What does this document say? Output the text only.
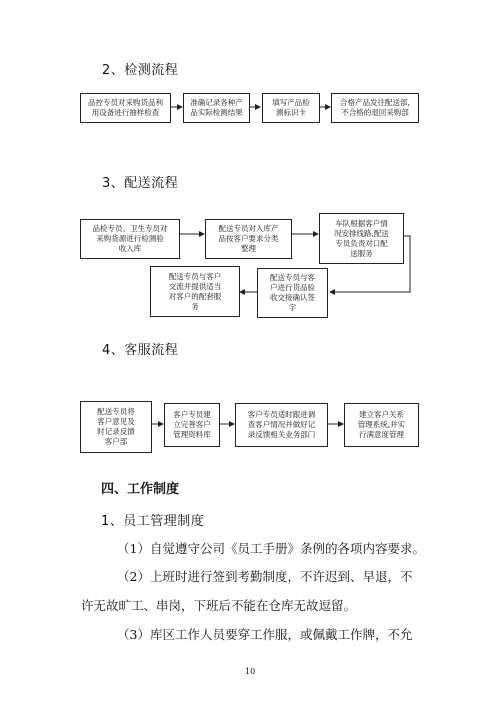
2、检测流程
品控专员对采购货品利
用设备进行抽样检查
准确记录各种产
品实际检测结果
填写产品检
测标识卡
合格产品发往配送部,
不合格的退回采购部
3、配送流程
品检专员、卫生专员对
采购货源进行检测验
收入库
配送专员对入库产
品按客户要求分类
整理
车队根据客户情
况安排线路,配送
专员负责对口配
送服务
配送专员与客
户进行货品验
收交接确认签
字
配送专员与客户
交流并提供适当
对客户的配套服
务
4、客服流程
配送专员将
客户意见及
时记录反馈
客户部
客户专员建
立完善客户
管理资料库
客户专员适时跟进调
查客户情况并做好记
录反馈相关业务部门
建立客户关系
管理系统,并实
行满意度管理
四、工作制度
1、员工管理制度
（1）自觉遵守公司《员工手册》条例的各项内容要求。
（2）上班时进行签到考勤制度，不许迟到、早退，不
许无故旷工、串岗，下班后不能在仓库无故逗留。
（3）库区工作人员要穿工作服，或佩戴工作牌，不允
10
